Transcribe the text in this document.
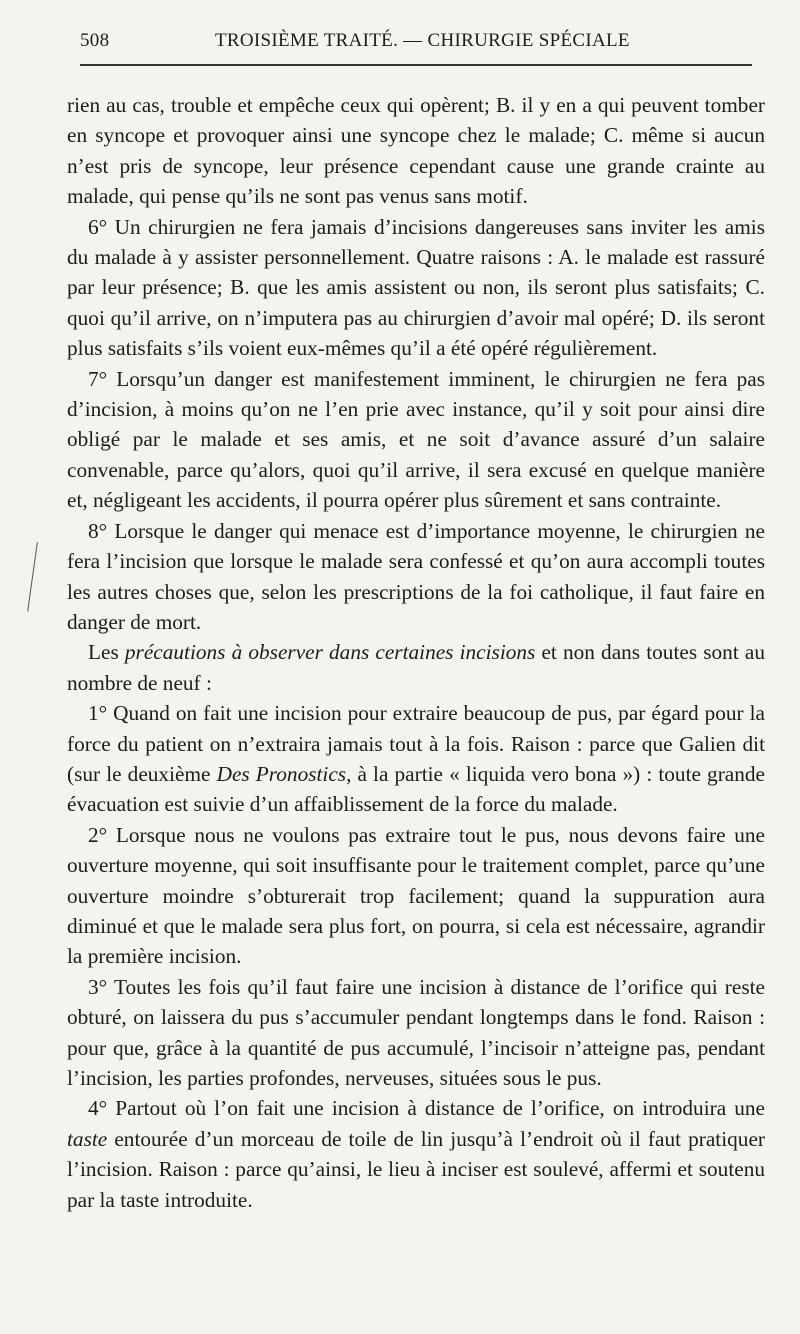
508	TROISIÈME TRAITÉ. — CHIRURGIE SPÉCIALE

rien au cas, trouble et empêche ceux qui opèrent; B. il y en a qui peuvent tomber en syncope et provoquer ainsi une syncope chez le malade; C. même si aucun n’est pris de syncope, leur présence cependant cause une grande crainte au malade, qui pense qu’ils ne sont pas venus sans motif.

6° Un chirurgien ne fera jamais d’incisions dangereuses sans inviter les amis du malade à y assister personnellement. Quatre raisons : A. le malade est rassuré par leur présence; B. que les amis assistent ou non, ils seront plus satisfaits; C. quoi qu’il arrive, on n’imputera pas au chirurgien d’avoir mal opéré; D. ils seront plus satisfaits s’ils voient eux-mêmes qu’il a été opéré régulièrement.

7° Lorsqu’un danger est manifestement imminent, le chirurgien ne fera pas d’incision, à moins qu’on ne l’en prie avec instance, qu’il y soit pour ainsi dire obligé par le malade et ses amis, et ne soit d’avance assuré d’un salaire convenable, parce qu’alors, quoi qu’il arrive, il sera excusé en quelque manière et, négligeant les accidents, il pourra opérer plus sûrement et sans contrainte.

8° Lorsque le danger qui menace est d’importance moyenne, le chirurgien ne fera l’incision que lorsque le malade sera confessé et qu’on aura accompli toutes les autres choses que, selon les prescriptions de la foi catholique, il faut faire en danger de mort.

Les précautions à observer dans certaines incisions et non dans toutes sont au nombre de neuf :

1° Quand on fait une incision pour extraire beaucoup de pus, par égard pour la force du patient on n’extraira jamais tout à la fois. Raison : parce que Galien dit (sur le deuxième Des Pronostics, à la partie « liquida vero bona ») : toute grande évacuation est suivie d’un affaiblissement de la force du malade.

2° Lorsque nous ne voulons pas extraire tout le pus, nous devons faire une ouverture moyenne, qui soit insuffisante pour le traitement complet, parce qu’une ouverture moindre s’obturerait trop facilement; quand la suppuration aura diminué et que le malade sera plus fort, on pourra, si cela est nécessaire, agrandir la première incision.

3° Toutes les fois qu’il faut faire une incision à distance de l’orifice qui reste obturé, on laissera du pus s’accumuler pendant longtemps dans le fond. Raison : pour que, grâce à la quantité de pus accumulé, l’incisoir n’atteigne pas, pendant l’incision, les parties profondes, nerveuses, situées sous le pus.

4° Partout où l’on fait une incision à distance de l’orifice, on introduira une taste entourée d’un morceau de toile de lin jusqu’à l’endroit où il faut pratiquer l’incision. Raison : parce qu’ainsi, le lieu à inciser est soulevé, affermi et soutenu par la taste introduite.
